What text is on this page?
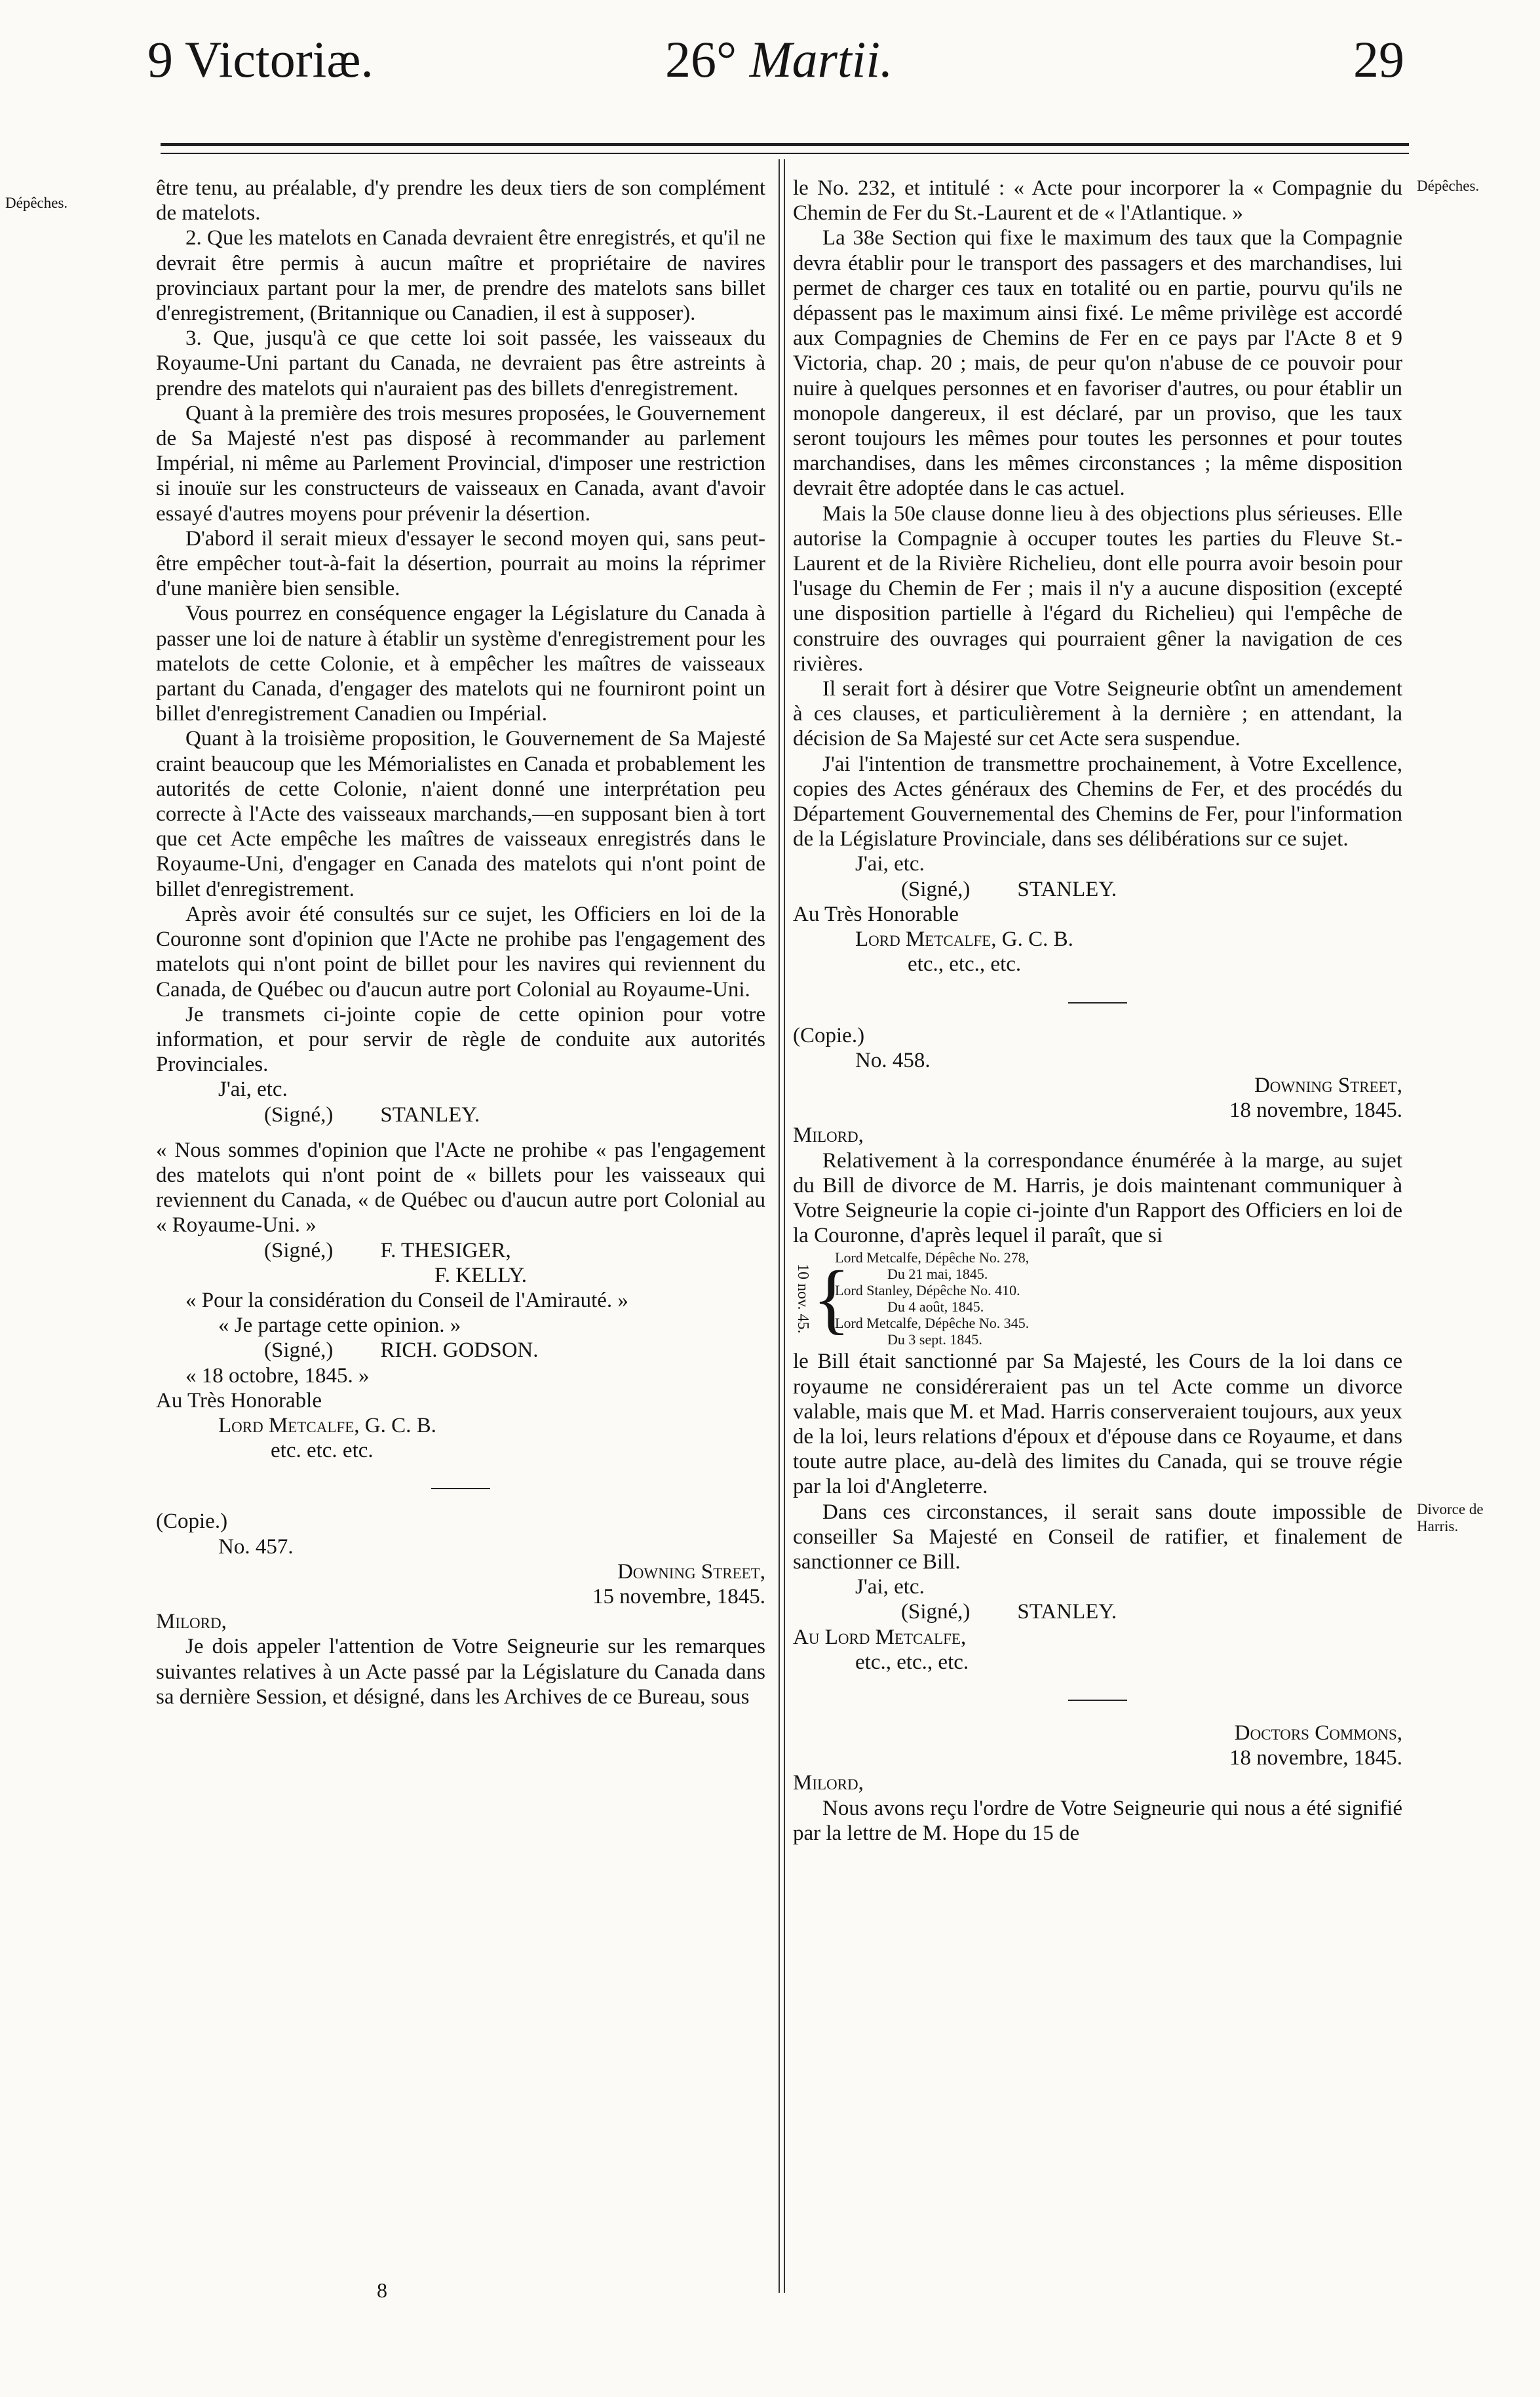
9 Victoriæ.	26° Martii.	29
Dépêches.
Dépêches.
Divorce de
Harris.

être tenu, au préalable, d'y prendre les deux tiers de son complément de matelots.

2. Que les matelots en Canada devraient être enregistrés, et qu'il ne devrait être permis à aucun maître et propriétaire de navires provinciaux partant pour la mer, de prendre des matelots sans billet d'enregistrement, (Britannique ou Canadien, il est à supposer).

3. Que, jusqu'à ce que cette loi soit passée, les vaisseaux du Royaume-Uni partant du Canada, ne devraient pas être astreints à prendre des matelots qui n'auraient pas des billets d'enregistrement.

Quant à la première des trois mesures proposées, le Gouvernement de Sa Majesté n'est pas disposé à recommander au parlement Impérial, ni même au Parlement Provincial, d'imposer une restriction si inouïe sur les constructeurs de vaisseaux en Canada, avant d'avoir essayé d'autres moyens pour prévenir la désertion.

D'abord il serait mieux d'essayer le second moyen qui, sans peut-être empêcher tout-à-fait la désertion, pourrait au moins la réprimer d'une manière bien sensible.

Vous pourrez en conséquence engager la Législature du Canada à passer une loi de nature à établir un système d'enregistrement pour les matelots de cette Colonie, et à empêcher les maîtres de vaisseaux partant du Canada, d'engager des matelots qui ne fourniront point un billet d'enregistrement Canadien ou Impérial.

Quant à la troisième proposition, le Gouvernement de Sa Majesté craint beaucoup que les Mémorialistes en Canada et probablement les autorités de cette Colonie, n'aient donné une interprétation peu correcte à l'Acte des vaisseaux marchands,—en supposant bien à tort que cet Acte empêche les maîtres de vaisseaux enregistrés dans le Royaume-Uni, d'engager en Canada des matelots qui n'ont point de billet d'enregistrement.

Après avoir été consultés sur ce sujet, les Officiers en loi de la Couronne sont d'opinion que l'Acte ne prohibe pas l'engagement des matelots qui n'ont point de billet pour les navires qui reviennent du Canada, de Québec ou d'aucun autre port Colonial au Royaume-Uni.

Je transmets ci-jointe copie de cette opinion pour votre information, et pour servir de règle de conduite aux autorités Provinciales.

J'ai, etc.

(Signé,) STANLEY.

« Nous sommes d'opinion que l'Acte ne prohibe « pas l'engagement des matelots qui n'ont point de « billets pour les vaisseaux qui reviennent du Canada, « de Québec ou d'aucun autre port Colonial au « Royaume-Uni. »

(Signé,) F. THESIGER,

F. KELLY.

« Pour la considération du Conseil de l'Amirauté. »

« Je partage cette opinion. »

(Signé,) RICH. GODSON.

« 18 octobre, 1845. »

Au Très Honorable

Lord Metcalfe, G. C. B.

etc. etc. etc.

(Copie.)

No. 457.

Downing Street,

15 novembre, 1845.

Milord,

Je dois appeler l'attention de Votre Seigneurie sur les remarques suivantes relatives à un Acte passé par la Législature du Canada dans sa dernière Session, et désigné, dans les Archives de ce Bureau, sous

le No. 232, et intitulé : « Acte pour incorporer la « Compagnie du Chemin de Fer du St.-Laurent et de « l'Atlantique. »

La 38e Section qui fixe le maximum des taux que la Compagnie devra établir pour le transport des passagers et des marchandises, lui permet de charger ces taux en totalité ou en partie, pourvu qu'ils ne dépassent pas le maximum ainsi fixé. Le même privilège est accordé aux Compagnies de Chemins de Fer en ce pays par l'Acte 8 et 9 Victoria, chap. 20 ; mais, de peur qu'on n'abuse de ce pouvoir pour nuire à quelques personnes et en favoriser d'autres, ou pour établir un monopole dangereux, il est déclaré, par un proviso, que les taux seront toujours les mêmes pour toutes les personnes et pour toutes marchandises, dans les mêmes circonstances ; la même disposition devrait être adoptée dans le cas actuel.

Mais la 50e clause donne lieu à des objections plus sérieuses. Elle autorise la Compagnie à occuper toutes les parties du Fleuve St.-Laurent et de la Rivière Richelieu, dont elle pourra avoir besoin pour l'usage du Chemin de Fer ; mais il n'y a aucune disposition (excepté une disposition partielle à l'égard du Richelieu) qui l'empêche de construire des ouvrages qui pourraient gêner la navigation de ces rivières.

Il serait fort à désirer que Votre Seigneurie obtînt un amendement à ces clauses, et particulièrement à la dernière ; en attendant, la décision de Sa Majesté sur cet Acte sera suspendue.

J'ai l'intention de transmettre prochainement, à Votre Excellence, copies des Actes généraux des Chemins de Fer, et des procédés du Département Gouvernemental des Chemins de Fer, pour l'information de la Législature Provinciale, dans ses délibérations sur ce sujet.

J'ai, etc.

(Signé,) STANLEY.

Au Très Honorable

Lord Metcalfe, G. C. B.

etc., etc., etc.

(Copie.)

No. 458.

Downing Street,

18 novembre, 1845.

Milord,

Relativement à la correspondance énumérée à la marge, au sujet du Bill de divorce de M. Harris, je dois maintenant communiquer à Votre Seigneurie la copie ci-jointe d'un Rapport des Officiers en loi de la Couronne, d'après lequel il paraît, que si

10 nov. 45. {
Lord Metcalfe, Dépêche No. 278,
Du 21 mai, 1845.
Lord Stanley, Dépêche No. 410.
Du 4 août, 1845.
Lord Metcalfe, Dépêche No. 345.
Du 3 sept. 1845.

le Bill était sanctionné par Sa Majesté, les Cours de la loi dans ce royaume ne considéreraient pas un tel Acte comme un divorce valable, mais que M. et Mad. Harris conserveraient toujours, aux yeux de la loi, leurs relations d'époux et d'épouse dans ce Royaume, et dans toute autre place, au-delà des limites du Canada, qui se trouve régie par la loi d'Angleterre.

Dans ces circonstances, il serait sans doute impossible de conseiller Sa Majesté en Conseil de ratifier, et finalement de sanctionner ce Bill.

J'ai, etc.

(Signé,) STANLEY.

Au Lord Metcalfe,

etc., etc., etc.

Doctors Commons,

18 novembre, 1845.

Milord,

Nous avons reçu l'ordre de Votre Seigneurie qui nous a été signifié par la lettre de M. Hope du 15 de

8
